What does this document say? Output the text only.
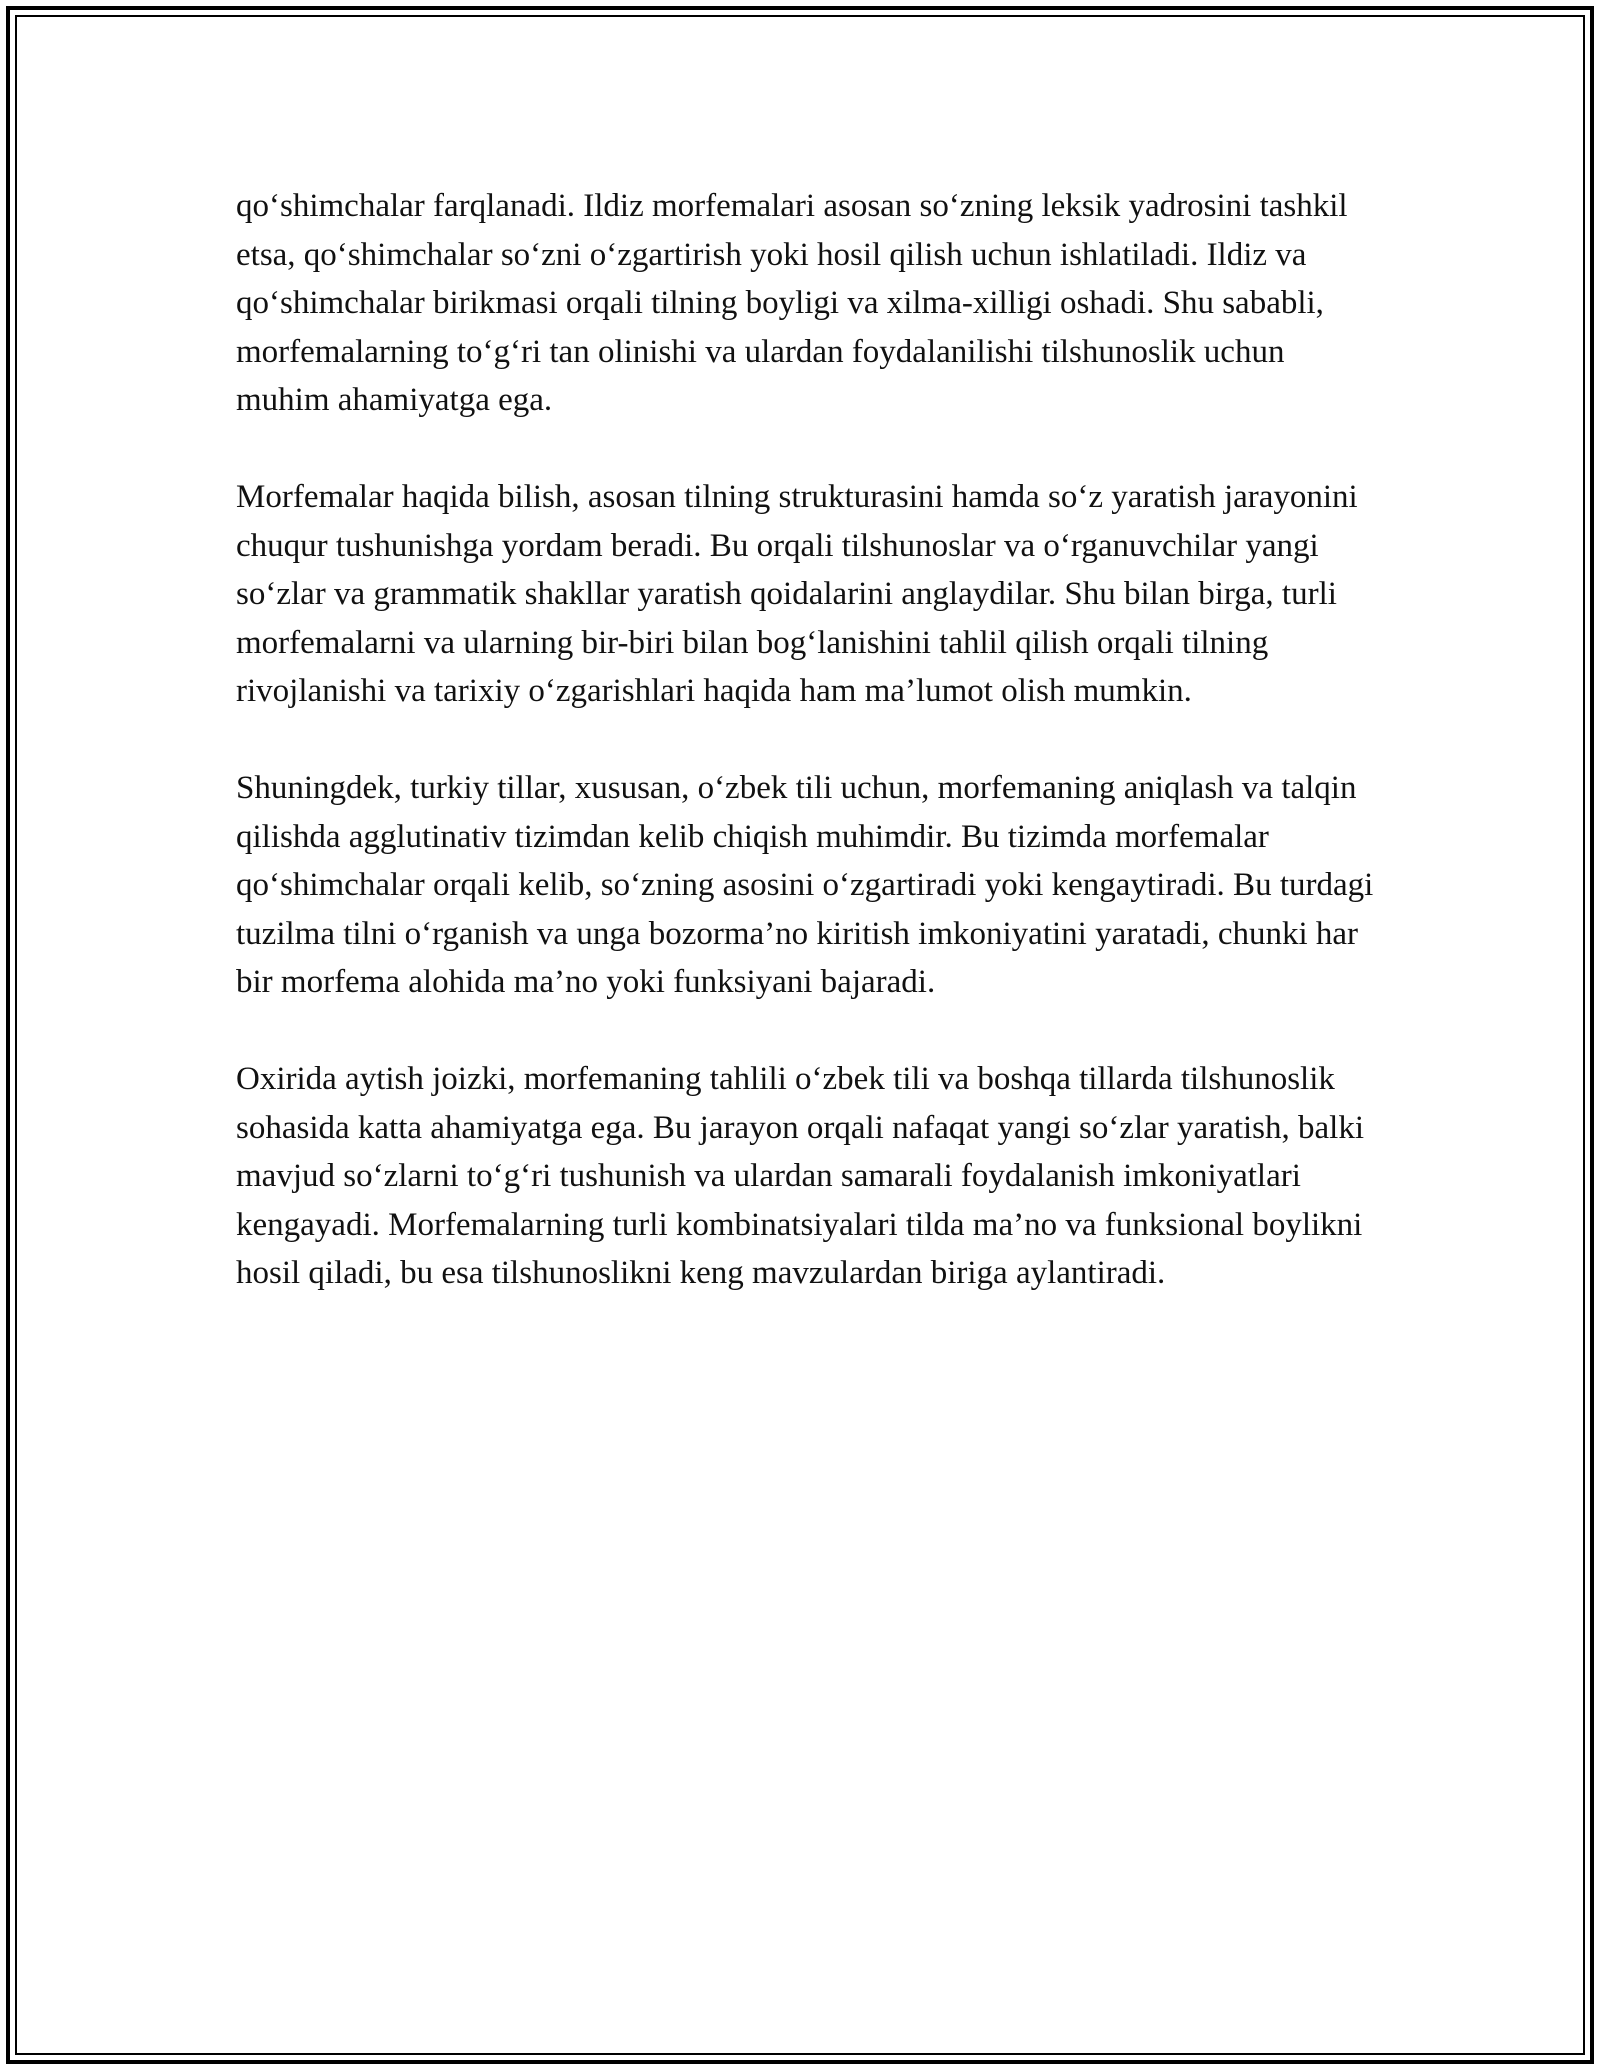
qo‘shimchalar farqlanadi. Ildiz morfemalari asosan so‘zning leksik yadrosini tashkil etsa, qo‘shimchalar so‘zni o‘zgartirish yoki hosil qilish uchun ishlatiladi. Ildiz va qo‘shimchalar birikmasi orqali tilning boyligi va xilma-xilligi oshadi. Shu sababli, morfemalarning to‘g‘ri tan olinishi va ulardan foydalanilishi tilshunoslik uchun muhim ahamiyatga ega.

Morfemalar haqida bilish, asosan tilning strukturasini hamda so‘z yaratish jarayonini chuqur tushunishga yordam beradi. Bu orqali tilshunoslar va o‘rganuvchilar yangi so‘zlar va grammatik shakllar yaratish qoidalarini anglaydilar. Shu bilan birga, turli morfemalarni va ularning bir-biri bilan bog‘lanishini tahlil qilish orqali tilning rivojlanishi va tarixiy o‘zgarishlari haqida ham ma’lumot olish mumkin.

Shuningdek, turkiy tillar, xususan, o‘zbek tili uchun, morfemaning aniqlash va talqin qilishda agglutinativ tizimdan kelib chiqish muhimdir. Bu tizimda morfemalar qo‘shimchalar orqali kelib, so‘zning asosini o‘zgartiradi yoki kengaytiradi. Bu turdagi tuzilma tilni o‘rganish va unga bozorma’no kiritish imkoniyatini yaratadi, chunki har bir morfema alohida ma’no yoki funksiyani bajaradi.

Oxirida aytish joizki, morfemaning tahlili o‘zbek tili va boshqa tillarda tilshunoslik sohasida katta ahamiyatga ega. Bu jarayon orqali nafaqat yangi so‘zlar yaratish, balki mavjud so‘zlarni to‘g‘ri tushunish va ulardan samarali foydalanish imkoniyatlari kengayadi. Morfemalarning turli kombinatsiyalari tilda ma’no va funksional boylikni hosil qiladi, bu esa tilshunoslikni keng mavzulardan biriga aylantiradi.
